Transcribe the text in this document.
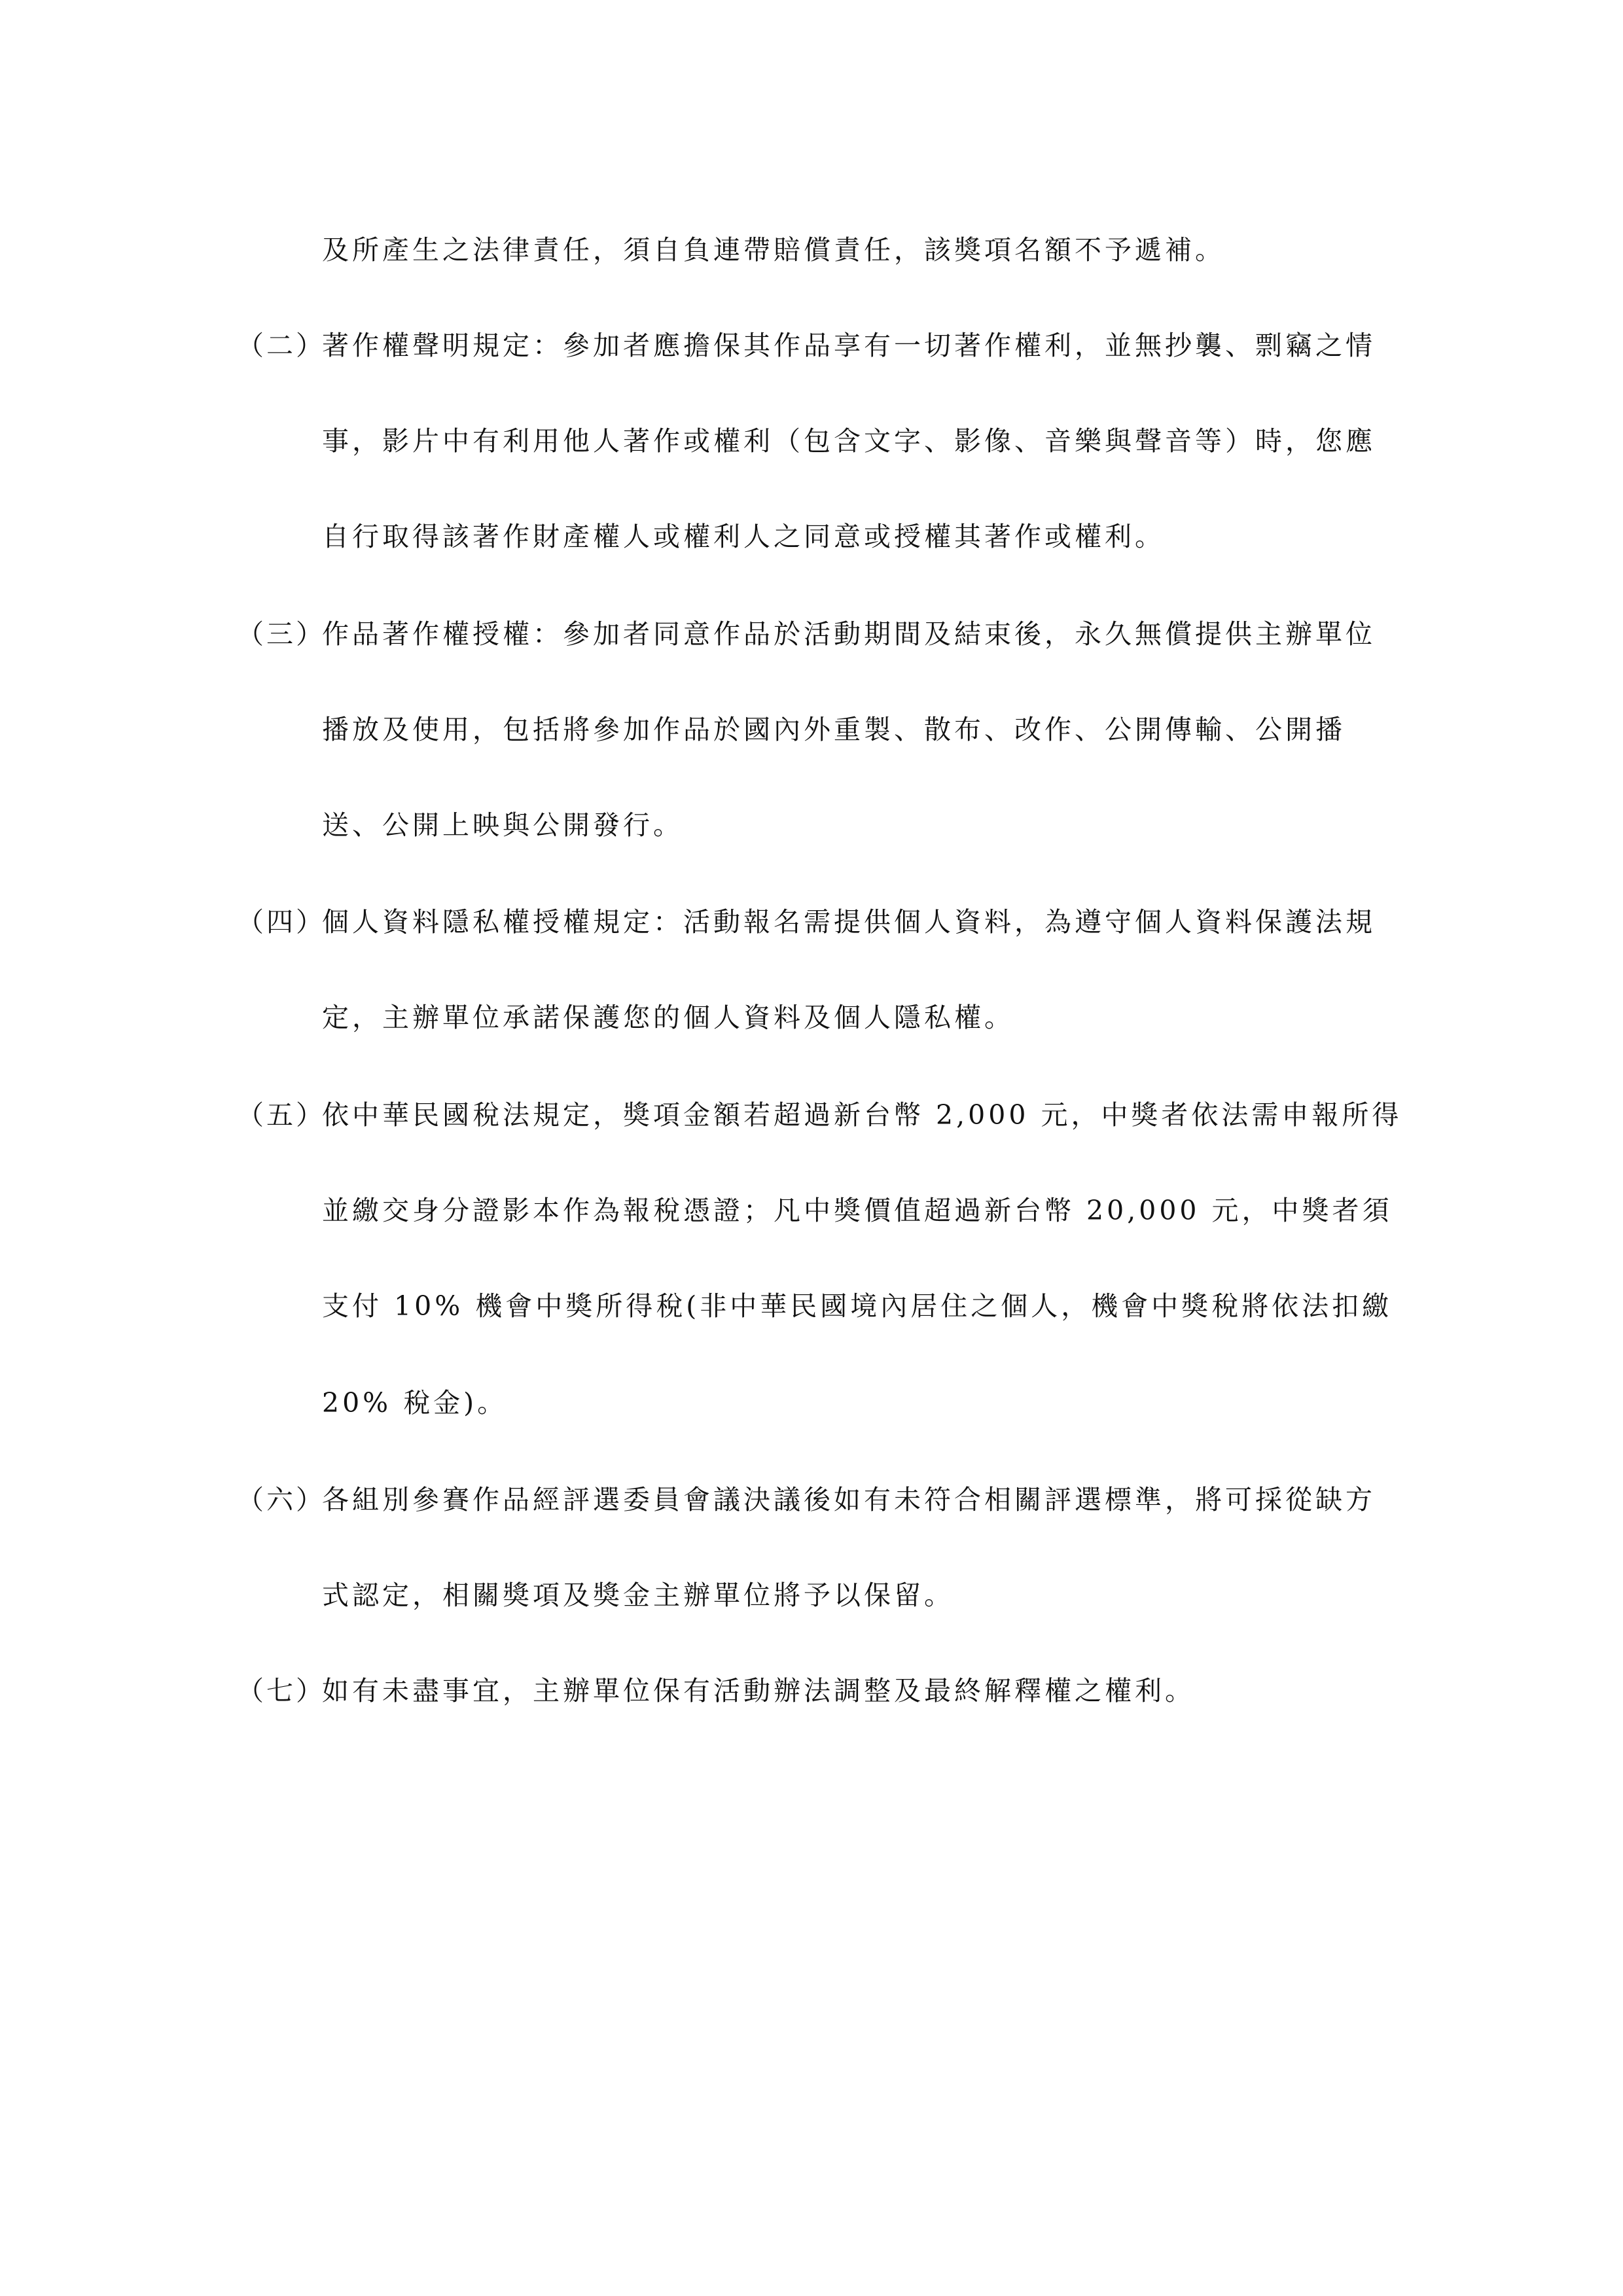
及所產生之法律責任，須自負連帶賠償責任，該獎項名額不予遞補。
（二）
著作權聲明規定：參加者應擔保其作品享有一切著作權利，並無抄襲、剽竊之情
事，影片中有利用他人著作或權利（包含文字、影像、音樂與聲音等）時，您應
自行取得該著作財產權人或權利人之同意或授權其著作或權利。
（三）
作品著作權授權：參加者同意作品於活動期間及結束後，永久無償提供主辦單位
播放及使用，包括將參加作品於國內外重製、散布、改作、公開傳輸、公開播
送、公開上映與公開發行。
（四）
個人資料隱私權授權規定：活動報名需提供個人資料，為遵守個人資料保護法規
定，主辦單位承諾保護您的個人資料及個人隱私權。
（五）
依中華民國稅法規定，獎項金額若超過新台幣 2,000 元，中獎者依法需申報所得
並繳交身分證影本作為報稅憑證；凡中獎價值超過新台幣 20,000 元，中獎者須
支付 10% 機會中獎所得稅(非中華民國境內居住之個人，機會中獎稅將依法扣繳
20% 稅金)。
（六）
各組別參賽作品經評選委員會議決議後如有未符合相關評選標準，將可採從缺方
式認定，相關獎項及獎金主辦單位將予以保留。
（七）
如有未盡事宜，主辦單位保有活動辦法調整及最終解釋權之權利。
